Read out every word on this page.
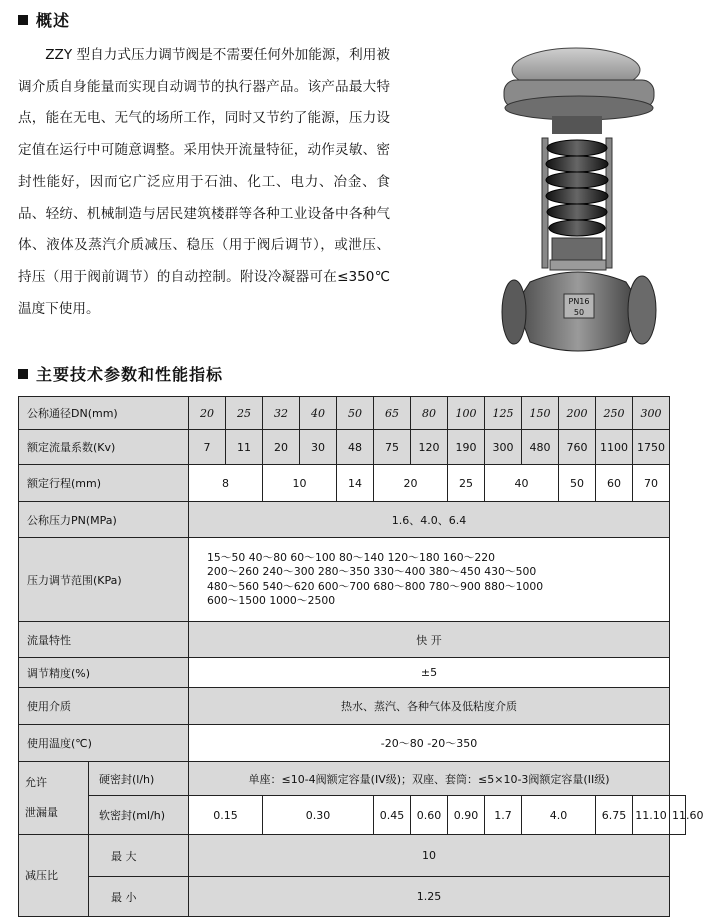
概述

ZZY 型自力式压力调节阀是不需要任何外加能源，利用被调介质自身能量而实现自动调节的执行器产品。该产品最大特点，能在无电、无气的场所工作，同时又节约了能源，压力设定值在运行中可随意调整。采用快开流量特征，动作灵敏、密封性能好，因而它广泛应用于石油、化工、电力、冶金、食品、轻纺、机械制造与居民建筑楼群等各种工业设备中各种气体、液体及蒸汽介质减压、稳压（用于阀后调节），或泄压、持压（用于阀前调节）的自动控制。附设冷凝器可在≤350℃温度下使用。	PN16
50
主要技术参数和性能指标
公称通径DN(mm)		20	25	32	40	50	65	80	100	125	150	200	250	300	
额定流量系数(Kv)		7	11	20	30	48	75	120	190	300	480	760	1100	1750	
额定行程(mm)		8		10		14	20		25	40		50	60	70	
公称压力PN(MPa)		1.6、4.0、6.4													
压力调节范围(KPa)		15～50 40～80 60～100 80～140 120～180 160～220
200～260 240～300 280～350 330～400 380～450 430～500
480～560 540～620 600～700 680～800 780～900 880～1000
600～1500 1000～2500													

流量特性		快 开													
调节精度(%)		±5													
使用介质		热水、蒸汽、各种气体及低粘度介质													
使用温度(℃)		-20～80 -20～350													

允许
泄漏量	硬密封(l/h)	单座：≤10-4阀额定容量(IV级)；双座、套筒：≤5×10-3阀额定容量(II级)													
	软密封(ml/h)	0.15		0.30			0.45	0.60	0.90	1.7	4.0		6.75	11.10	11.60
减压比	最 大	10													
	最 小	1.25													
